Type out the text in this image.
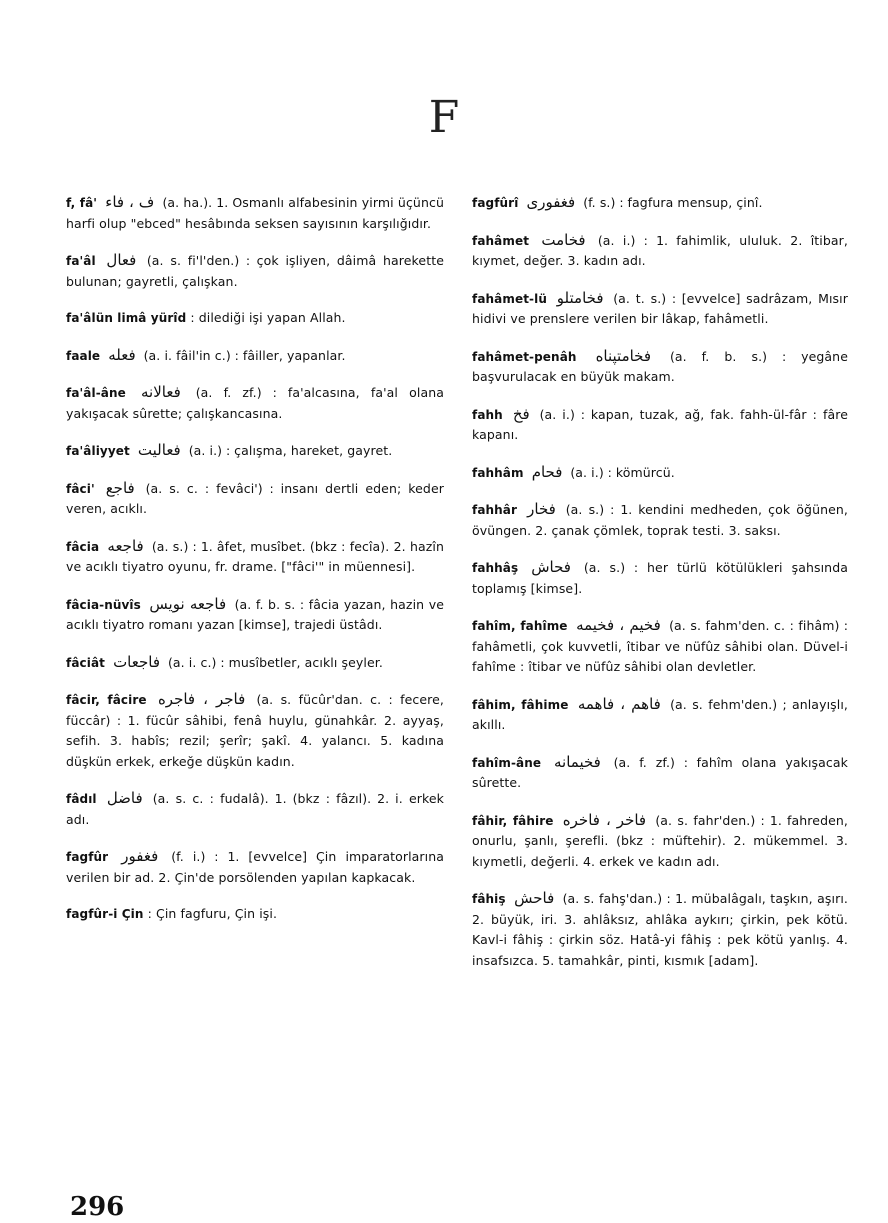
F
f, fâ' ف ، فاء (a. ha.). 1. Osmanlı alfabesinin yirmi üçüncü harfi olup "ebced" hesâbında seksen sayısının karşılığıdır.
fa'âl فعال (a. s. fi'l'den.) : çok işliyen, dâimâ harekette bulunan; gayretli, çalışkan.
fa'âlün limâ yürîd : dilediği işi yapan Allah.
faale فعله (a. i. fâil'in c.) : fâiller, yapanlar.
fa'âl-âne فعالانه (a. f. zf.) : fa'alcasına, fa'al olana yakışacak sûrette; çalışkancasına.
fa'âliyyet فعاليت (a. i.) : çalışma, hareket, gayret.
fâci' فاجع (a. s. c. : fevâci') : insanı dertli eden; keder veren, acıklı.
fâcia فاجعه (a. s.) : 1. âfet, musîbet. (bkz : fecîa). 2. hazîn ve acıklı tiyatro oyunu, fr. drame. ["fâci'" in müennesi].
fâcia-nüvîs فاجعه نویس (a. f. b. s. : fâcia yazan, hazin ve acıklı tiyatro romanı yazan [kimse], trajedi üstâdı.
fâciât فاجعات (a. i. c.) : musîbetler, acıklı şeyler.
fâcir, fâcire فاجر ، فاجره (a. s. fücûr'dan. c. : fecere, füccâr) : 1. fücûr sâhibi, fenâ huylu, günahkâr. 2. ayyaş, sefih. 3. habîs; rezil; şerîr; şakî. 4. yalancı. 5. kadına düşkün erkek, erkeğe düşkün kadın.
fâdıl فاضل (a. s. c. : fudalâ). 1. (bkz : fâzıl). 2. i. erkek adı.
fagfûr فغفور (f. i.) : 1. [evvelce] Çin imparatorlarına verilen bir ad. 2. Çin'de porsölenden yapılan kapkacak.
fagfûr-i Çin : Çin fagfuru, Çin işi.
fagfûrî فغفوری (f. s.) : fagfura mensup, çinî.
fahâmet فخامت (a. i.) : 1. fahimlik, ululuk. 2. îtibar, kıymet, değer. 3. kadın adı.
fahâmet-lü فخامتلو (a. t. s.) : [evvelce] sadrâzam, Mısır hidivi ve prenslere verilen bir lâkap, fahâmetli.
fahâmet-penâh فخامتپناه (a. f. b. s.) : yegâne başvurulacak en büyük makam.
fahh فخ (a. i.) : kapan, tuzak, ağ, fak. fahh-ül-fâr : fâre kapanı.
fahhâm فحام (a. i.) : kömürcü.
fahhâr فخار (a. s.) : 1. kendini medheden, çok öğünen, övüngen. 2. çanak çömlek, toprak testi. 3. saksı.
fahhâş فحاش (a. s.) : her türlü kötülükleri şahsında toplamış [kimse].
fahîm, fahîme فخیم ، فخیمه (a. s. fahm'den. c. : fihâm) : fahâmetli, çok kuvvetli, îtibar ve nüfûz sâhibi olan. Düvel-i fahîme : îtibar ve nüfûz sâhibi olan devletler.
fâhim, fâhime فاهم ، فاهمه (a. s. fehm'den.) ; anlayışlı, akıllı.
fahîm-âne فخیمانه (a. f. zf.) : fahîm olana yakışacak sûrette.
fâhir, fâhire فاخر ، فاخره (a. s. fahr'den.) : 1. fahreden, onurlu, şanlı, şerefli. (bkz : müftehir). 2. mükemmel. 3. kıymetli, değerli. 4. erkek ve kadın adı.
fâhiş فاحش (a. s. fahş'dan.) : 1. mübalâgalı, taşkın, aşırı. 2. büyük, iri. 3. ahlâksız, ahlâka aykırı; çirkin, pek kötü. Kavl-i fâhiş : çirkin söz. Hatâ-yi fâhiş : pek kötü yanlış. 4. insafsızca. 5. tamahkâr, pinti, kısmık [adam].
296
